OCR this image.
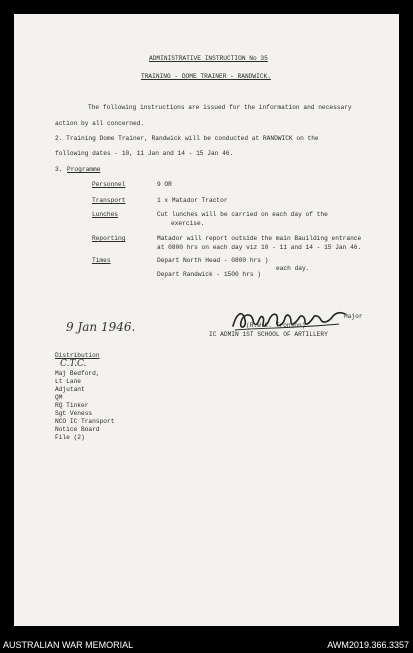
ADMINISTRATIVE INSTRUCTION No 35
TRAINING - DOME TRAINER - RANDWICK.
The following instructions are issued for the information and necessary
action by all concerned.
2. Training Dome Trainer, Randwick will be conducted at RANDWICK on the
following dates - 10, 11 Jan and 14 - 15 Jan 46.
3. Programme
Personnel	9 OR
Transport	1 x Matador Tractor
Lunches	Cut lunches will be carried on each day of the
exercise.
Reporting	Matador will report outside the main Bauilding entrance
at 0800 hrs on each day viz 10 - 11 and 14 - 15 Jan 46.
Times	Depart North Head - 0800 hrs )
Depart Randwick - 1500 hrs )
each day.
Major
(R.W.C. Tronson)
IC ADMIN 1ST SCHOOL OF ARTILLERY
9 Jan 1946.
Distribution
C.T.C.
Maj Bedford,
Lt Lane
Adjutant
QM
RQ Tinker
Sgt Veness
NCO IC Transport
Notice Board
File (2)
AUSTRALIAN WAR MEMORIAL	AWM2019.366.3357
